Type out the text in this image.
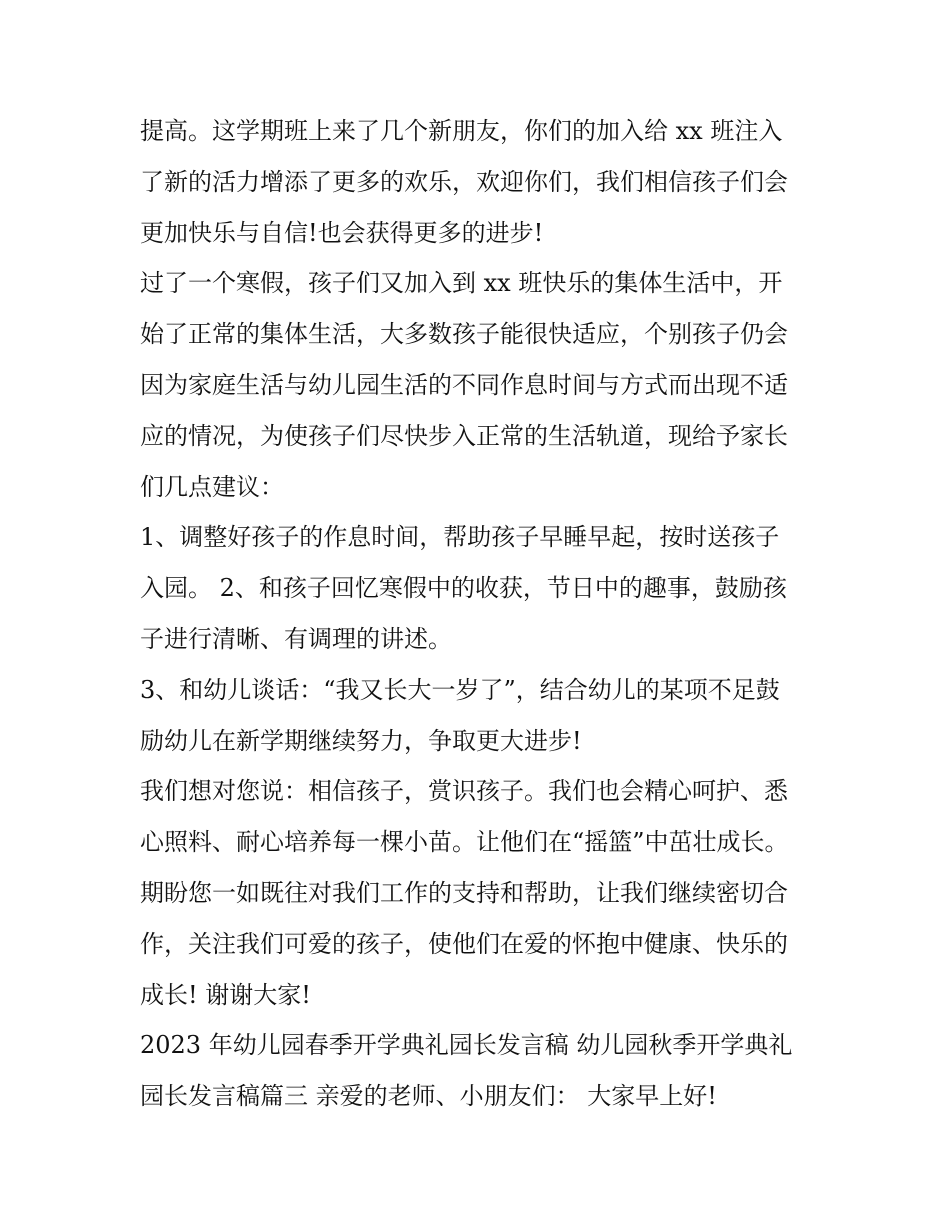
提高。这学期班上来了几个新朋友，你们的加入给 xx 班注入
了新的活力增添了更多的欢乐，欢迎你们，我们相信孩子们会
更加快乐与自信!也会获得更多的进步!
过了一个寒假，孩子们又加入到 xx 班快乐的集体生活中，开
始了正常的集体生活，大多数孩子能很快适应，个别孩子仍会
因为家庭生活与幼儿园生活的不同作息时间与方式而出现不适
应的情况，为使孩子们尽快步入正常的生活轨道，现给予家长
们几点建议：
1、调整好孩子的作息时间，帮助孩子早睡早起，按时送孩子
入园。 2、和孩子回忆寒假中的收获，节日中的趣事，鼓励孩
子进行清晰、有调理的讲述。
3、和幼儿谈话：“我又长大一岁了”，结合幼儿的某项不足鼓
励幼儿在新学期继续努力，争取更大进步!
我们想对您说：相信孩子，赏识孩子。我们也会精心呵护、悉
心照料、耐心培养每一棵小苗。让他们在“摇篮”中茁壮成长。
期盼您一如既往对我们工作的支持和帮助，让我们继续密切合
作，关注我们可爱的孩子，使他们在爱的怀抱中健康、快乐的
成长! 谢谢大家!
2023 年幼儿园春季开学典礼园长发言稿 幼儿园秋季开学典礼
园长发言稿篇三 亲爱的老师、小朋友们： 大家早上好!
